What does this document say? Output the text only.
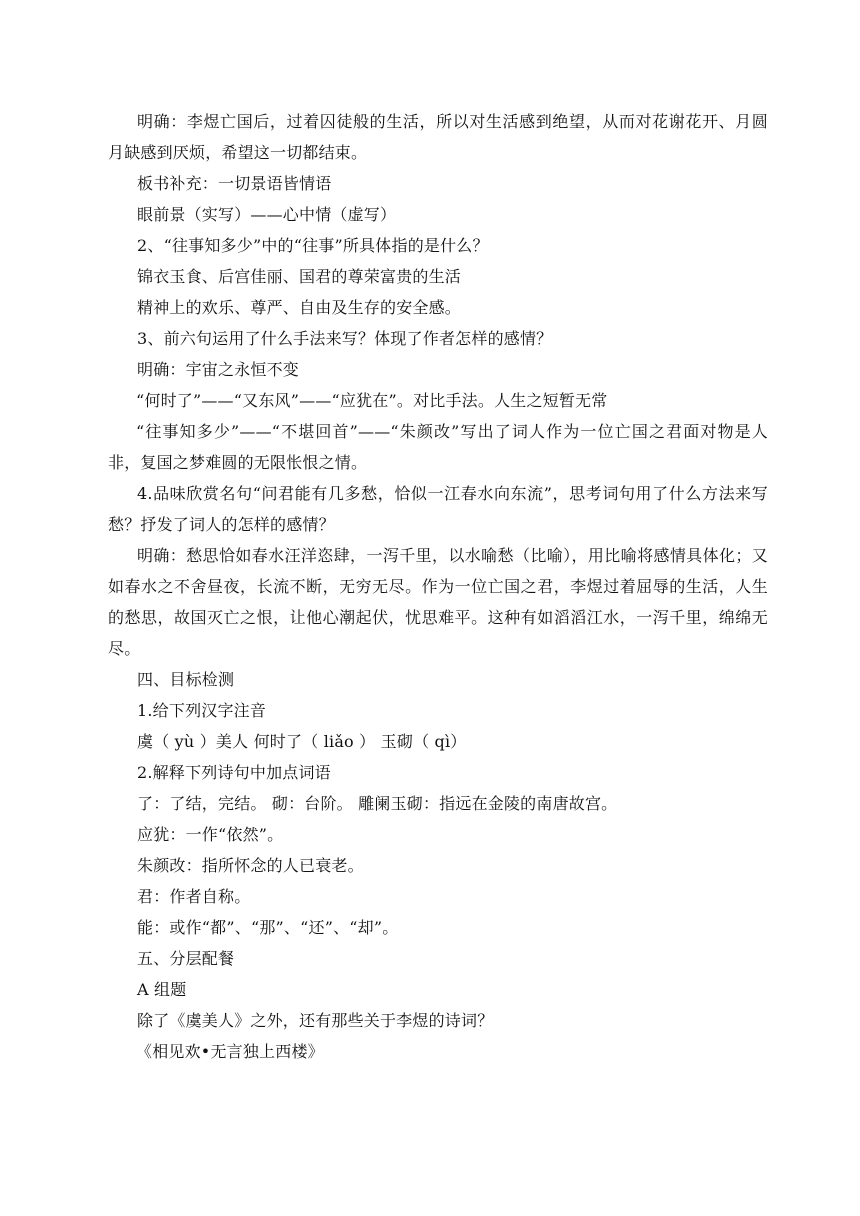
明确：李煜亡国后，过着囚徒般的生活，所以对生活感到绝望，从而对花谢花开、月圆月缺感到厌烦，希望这一切都结束。

板书补充：一切景语皆情语

眼前景（实写）——心中情（虚写）

2、“往事知多少”中的“往事”所具体指的是什么？

锦衣玉食、后宫佳丽、国君的尊荣富贵的生活

精神上的欢乐、尊严、自由及生存的安全感。

3、前六句运用了什么手法来写？体现了作者怎样的感情？

明确：宇宙之永恒不变

“何时了”——“又东风”——“应犹在”。对比手法。人生之短暂无常

“往事知多少”——“不堪回首”——“朱颜改”写出了词人作为一位亡国之君面对物是人非，复国之梦难圆的无限怅恨之情。

4.品味欣赏名句“问君能有几多愁，恰似一江春水向东流”，思考词句用了什么方法来写愁？抒发了词人的怎样的感情？

明确：愁思恰如春水汪洋恣肆，一泻千里，以水喻愁（比喻），用比喻将感情具体化；又如春水之不舍昼夜，长流不断，无穷无尽。作为一位亡国之君，李煜过着屈辱的生活，人生的愁思，故国灭亡之恨，让他心潮起伏，忧思难平。这种有如滔滔江水，一泻千里，绵绵无尽。

四、目标检测

1.给下列汉字注音

虞（ yù ）美人 何时了（ liǎo ） 玉砌（ qì）

2.解释下列诗句中加点词语

了：了结，完结。 砌：台阶。 雕阑玉砌：指远在金陵的南唐故宫。

应犹：一作“依然”。

朱颜改：指所怀念的人已衰老。

君：作者自称。

能：或作“都”、“那”、“还”、“却”。

五、分层配餐

A 组题

除了《虞美人》之外，还有那些关于李煜的诗词？

《相见欢•无言独上西楼》
